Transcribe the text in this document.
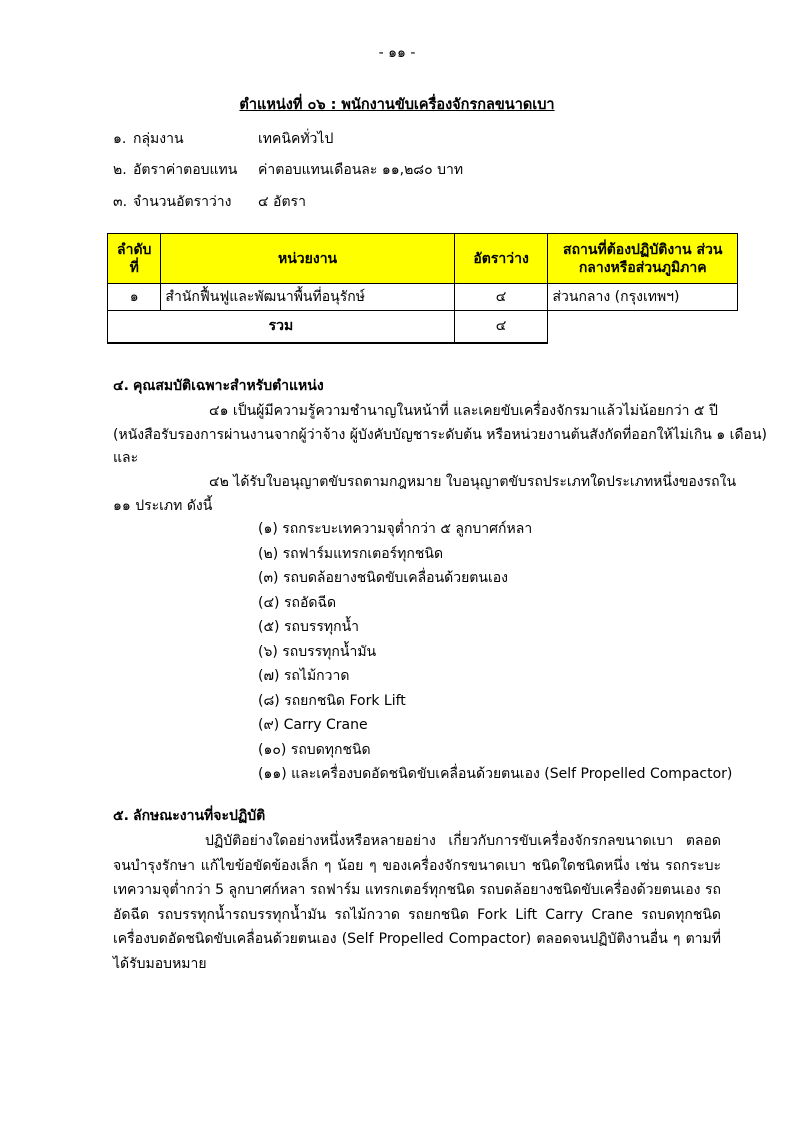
- ๑๑ -
ตำแหน่งที่ ๐๖ : พนักงานขับเครื่องจักรกลขนาดเบา
๑. กลุ่มงาน	เทคนิคทั่วไป
๒. อัตราค่าตอบแทน ค่าตอบแทนเดือนละ ๑๑,๒๘๐ บาท
๓. จำนวนอัตราว่าง ๔ อัตรา
ลำดับ ที่	หน่วยงาน	อัตราว่าง	สถานที่ต้องปฏิบัติงาน ส่วนกลางหรือส่วนภูมิภาค
๑	สำนักฟื้นฟูและพัฒนาพื้นที่อนุรักษ์	๔	ส่วนกลาง (กรุงเทพฯ)
รวม		๔	
๔. คุณสมบัติเฉพาะสำหรับตำแหน่ง
๔๑ เป็นผู้มีความรู้ความชำนาญในหน้าที่ และเคยขับเครื่องจักรมาแล้วไม่น้อยกว่า ๕ ปี
(หนังสือรับรองการผ่านงานจากผู้ว่าจ้าง ผู้บังคับบัญชาระดับต้น หรือหน่วยงานต้นสังกัดที่ออกให้ไม่เกิน ๑ เดือน)
และ
๔๒ ได้รับใบอนุญาตขับรถตามกฎหมาย ใบอนุญาตขับรถประเภทใดประเภทหนึ่งของรถใน
๑๑ ประเภท ดังนี้
(๑) รถกระบะเทความจุต่ำกว่า ๕ ลูกบาศก์หลา
(๒) รถฟาร์มแทรกเตอร์ทุกชนิด
(๓) รถบดล้อยางชนิดขับเคลื่อนด้วยตนเอง
(๔) รถอัดฉีด
(๕) รถบรรทุกน้ำ
(๖) รถบรรทุกน้ำมัน
(๗) รถไม้กวาด
(๘) รถยกชนิด Fork Lift
(๙) Carry Crane
(๑๐) รถบดทุกชนิด
(๑๑) และเครื่องบดอัดชนิดขับเคลื่อนด้วยตนเอง (Self Propelled Compactor)
๕. ลักษณะงานที่จะปฏิบัติ
ปฏิบัติอย่างใดอย่างหนึ่งหรือหลายอย่าง เกี่ยวกับการขับเครื่องจักรกลขนาดเบา ตลอดจนบำรุงรักษา แก้ไขข้อขัดข้องเล็ก ๆ น้อย ๆ ของเครื่องจักรขนาดเบา ชนิดใดชนิดหนึ่ง เช่น รถกระบะเทความจุต่ำกว่า 5 ลูกบาศก์หลา รถฟาร์ม แทรกเตอร์ทุกชนิด รถบดล้อยางชนิดขับเครื่องด้วยตนเอง รถอัดฉีด รถบรรทุกน้ำรถบรรทุกน้ำมัน รถไม้กวาด รถยกชนิด Fork Lift Carry Crane รถบดทุกชนิด เครื่องบดอัดชนิดขับเคลื่อนด้วยตนเอง (Self Propelled Compactor) ตลอดจนปฏิบัติงานอื่น ๆ ตามที่ได้รับมอบหมาย
